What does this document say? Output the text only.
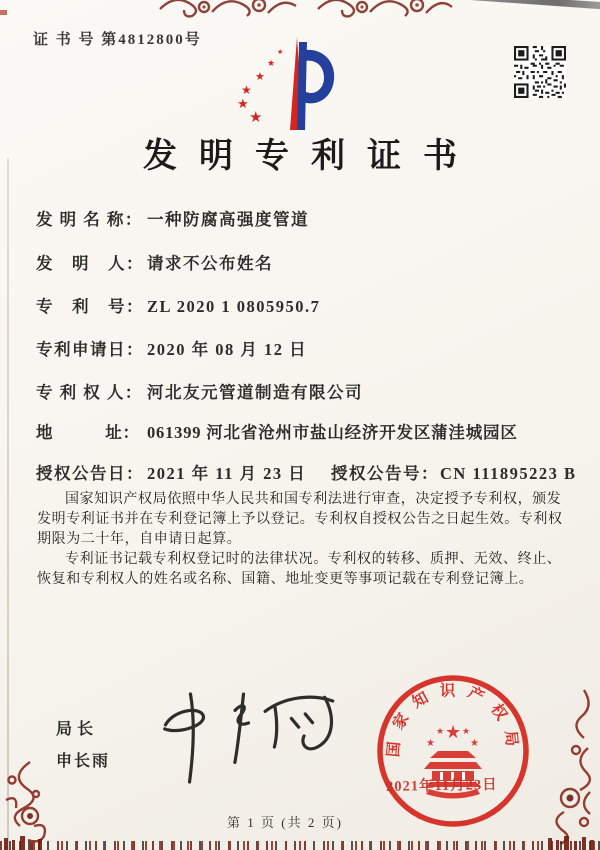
证 书 号 第4812800号
★
★
★
★
★
★
发明专利证书
发 明 名 称： 一种防腐高强度管道
发　明　人： 请求不公布姓名
专　利　号： ZL 2020 1 0805950.7
专利申请日： 2020 年 08 月 12 日
专 利 权 人： 河北友元管道制造有限公司
地　　　址： 061399 河北省沧州市盐山经济开发区蒲洼城园区
授权公告日： 2021 年 11 月 23 日 授权公告号：CN 111895223 B

国家知识产权局依照中华人民共和国专利法进行审查，决定授予专利权，颁发发明专利证书并在专利登记簿上予以登记。专利权自授权公告之日起生效。专利权期限为二十年，自申请日起算。

专利证书记载专利权登记时的法律状况。专利权的转移、质押、无效、终止、恢复和专利权人的姓名或名称、国籍、地址变更等事项记载在专利登记簿上。

局长
申长雨
国家知识产权局
★
★	★
★ ★
2021年11月23日
第 1 页 (共 2 页)
